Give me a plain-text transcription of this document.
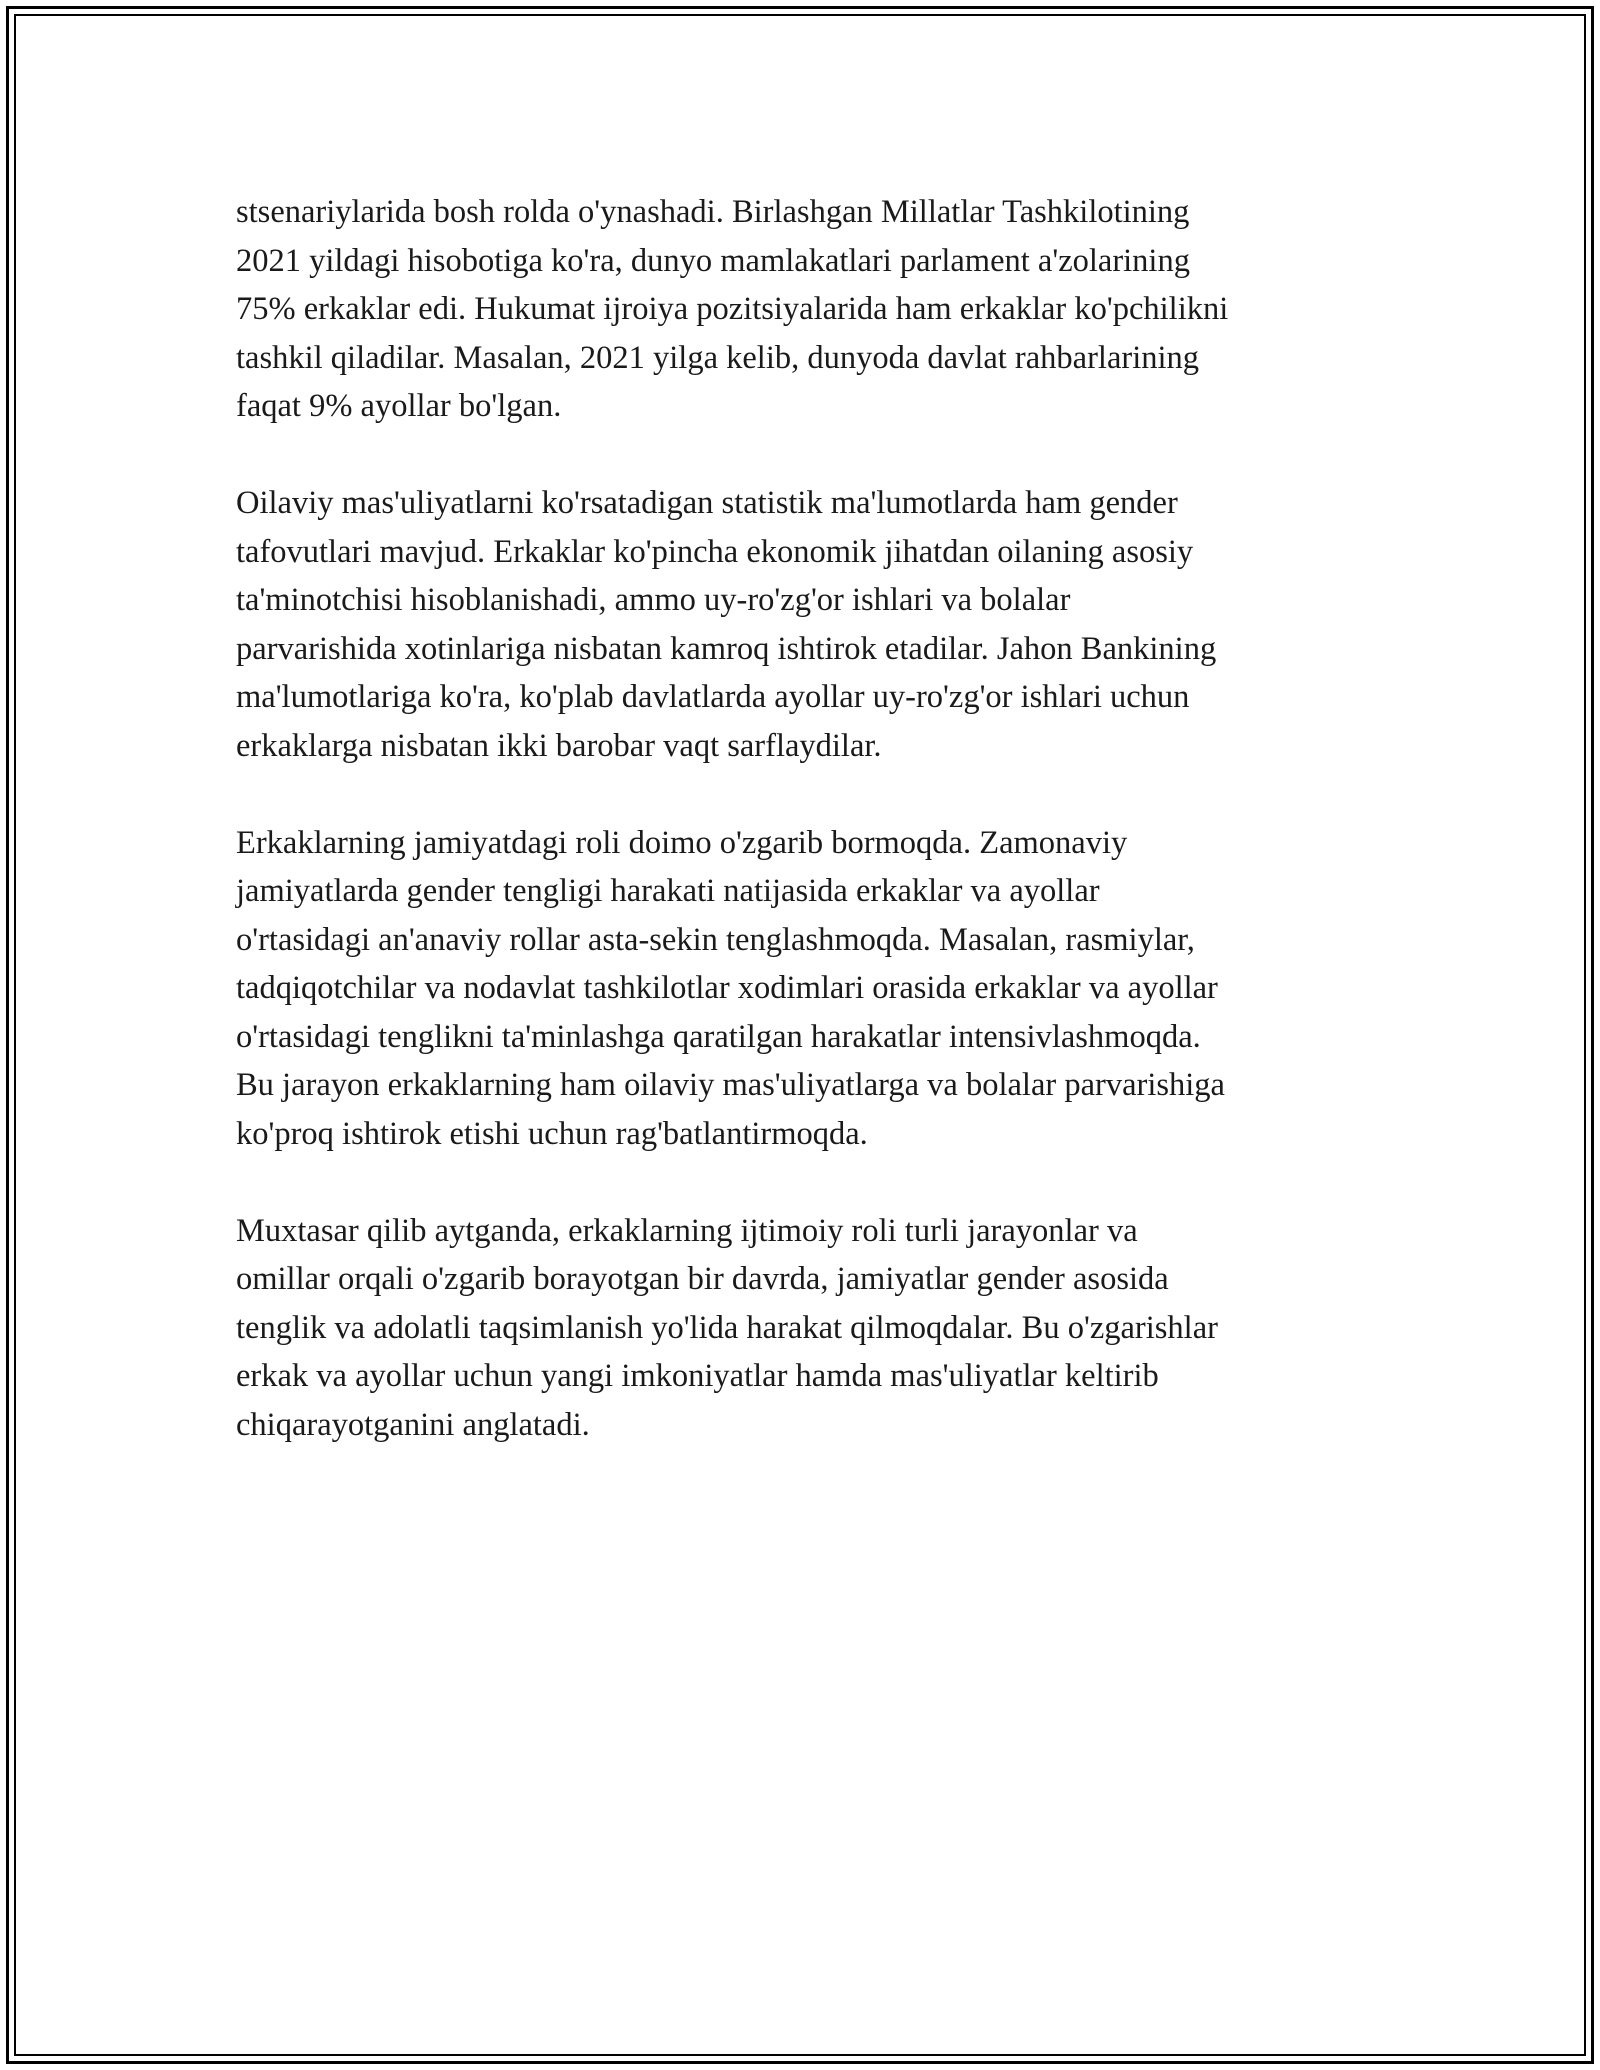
stsenariylarida bosh rolda o'ynashadi. Birlashgan Millatlar Tashkilotining
2021 yildagi hisobotiga ko'ra, dunyo mamlakatlari parlament a'zolarining
75% erkaklar edi. Hukumat ijroiya pozitsiyalarida ham erkaklar ko'pchilikni
tashkil qiladilar. Masalan, 2021 yilga kelib, dunyoda davlat rahbarlarining
faqat 9% ayollar bo'lgan.

Oilaviy mas'uliyatlarni ko'rsatadigan statistik ma'lumotlarda ham gender
tafovutlari mavjud. Erkaklar ko'pincha ekonomik jihatdan oilaning asosiy
ta'minotchisi hisoblanishadi, ammo uy-ro'zg'or ishlari va bolalar
parvarishida xotinlariga nisbatan kamroq ishtirok etadilar. Jahon Bankining
ma'lumotlariga ko'ra, ko'plab davlatlarda ayollar uy-ro'zg'or ishlari uchun
erkaklarga nisbatan ikki barobar vaqt sarflaydilar.

Erkaklarning jamiyatdagi roli doimo o'zgarib bormoqda. Zamonaviy
jamiyatlarda gender tengligi harakati natijasida erkaklar va ayollar
o'rtasidagi an'anaviy rollar asta-sekin tenglashmoqda. Masalan, rasmiylar,
tadqiqotchilar va nodavlat tashkilotlar xodimlari orasida erkaklar va ayollar
o'rtasidagi tenglikni ta'minlashga qaratilgan harakatlar intensivlashmoqda.
Bu jarayon erkaklarning ham oilaviy mas'uliyatlarga va bolalar parvarishiga
ko'proq ishtirok etishi uchun rag'batlantirmoqda.

Muxtasar qilib aytganda, erkaklarning ijtimoiy roli turli jarayonlar va
omillar orqali o'zgarib borayotgan bir davrda, jamiyatlar gender asosida
tenglik va adolatli taqsimlanish yo'lida harakat qilmoqdalar. Bu o'zgarishlar
erkak va ayollar uchun yangi imkoniyatlar hamda mas'uliyatlar keltirib
chiqarayotganini anglatadi.
